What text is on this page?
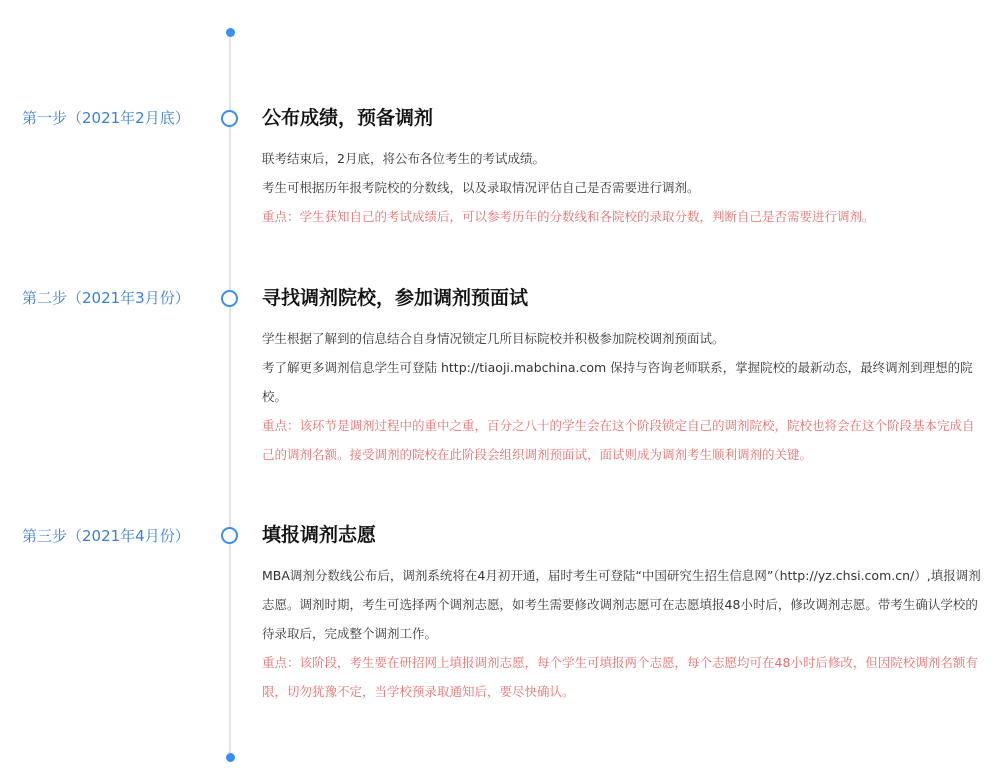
第一步（2021年2月底）	公布成绩，预备调剂

联考结束后，2月底，将公布各位考生的考试成绩。

考生可根据历年报考院校的分数线，以及录取情况评估自己是否需要进行调剂。

重点：学生获知自己的考试成绩后，可以参考历年的分数线和各院校的录取分数，判断自己是否需要进行调剂。

第二步（2021年3月份）	寻找调剂院校，参加调剂预面试

学生根据了解到的信息结合自身情况锁定几所目标院校并积极参加院校调剂预面试。

考了解更多调剂信息学生可登陆 http://tiaoji.mabchina.com 保持与咨询老师联系，掌握院校的最新动态，最终调剂到理想的院校。

重点：该环节是调剂过程中的重中之重，百分之八十的学生会在这个阶段锁定自己的调剂院校，院校也将会在这个阶段基本完成自己的调剂名额。接受调剂的院校在此阶段会组织调剂预面试，面试则成为调剂考生顺利调剂的关键。

第三步（2021年4月份）	填报调剂志愿

MBA调剂分数线公布后，调剂系统将在4月初开通，届时考生可登陆“中国研究生招生信息网”（http://yz.chsi.com.cn/）,填报调剂志愿。调剂时期，考生可选择两个调剂志愿，如考生需要修改调剂志愿可在志愿填报48小时后，修改调剂志愿。带考生确认学校的待录取后，完成整个调剂工作。

重点：该阶段，考生要在研招网上填报调剂志愿，每个学生可填报两个志愿，每个志愿均可在48小时后修改，但因院校调剂名额有限，切勿犹豫不定，当学校预录取通知后，要尽快确认。
